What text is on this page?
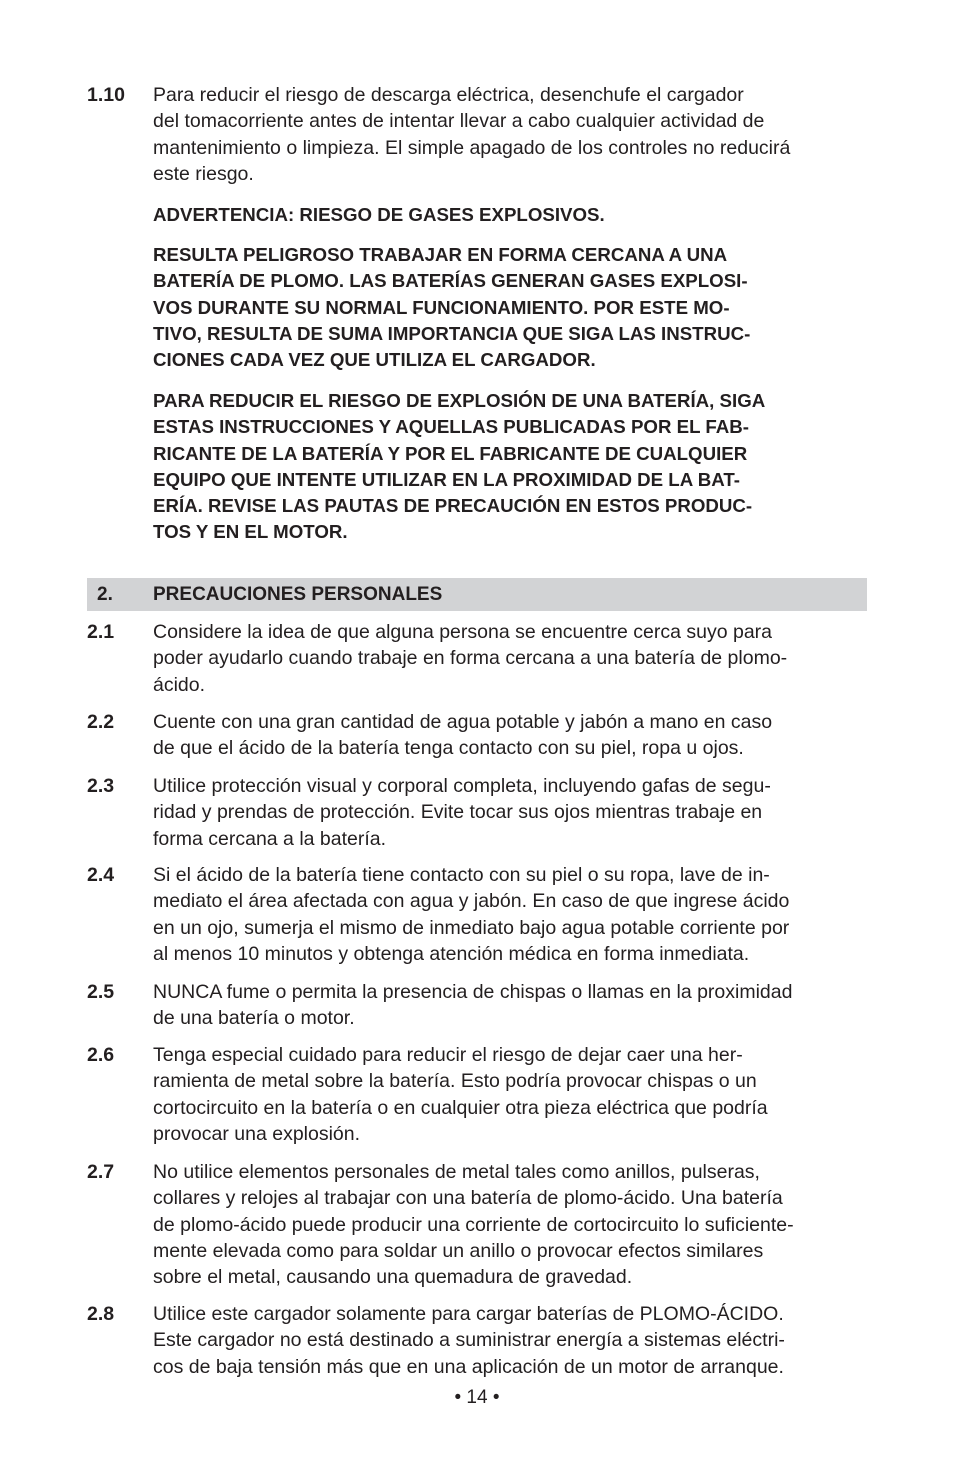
1.10 Para reducir el riesgo de descarga eléctrica, desenchufe el cargador
del tomacorriente antes de intentar llevar a cabo cualquier actividad de
mantenimiento o limpieza. El simple apagado de los controles no reducirá
este riesgo.
ADVERTENCIA: RIESGO DE GASES EXPLOSIVOS.
RESULTA PELIGROSO TRABAJAR EN FORMA CERCANA A UNA
BATERÍA DE PLOMO. LAS BATERÍAS GENERAN GASES EXPLOSI-
VOS DURANTE SU NORMAL FUNCIONAMIENTO. POR ESTE MO-
TIVO, RESULTA DE SUMA IMPORTANCIA QUE SIGA LAS INSTRUC-
CIONES CADA VEZ QUE UTILIZA EL CARGADOR.
PARA REDUCIR EL RIESGO DE EXPLOSIÓN DE UNA BATERÍA, SIGA
ESTAS INSTRUCCIONES Y AQUELLAS PUBLICADAS POR EL FAB-
RICANTE DE LA BATERÍA Y POR EL FABRICANTE DE CUALQUIER
EQUIPO QUE INTENTE UTILIZAR EN LA PROXIMIDAD DE LA BAT-
ERÍA. REVISE LAS PAUTAS DE PRECAUCIÓN EN ESTOS PRODUC-
TOS Y EN EL MOTOR.
2. PRECAUCIONES PERSONALES
2.1 Considere la idea de que alguna persona se encuentre cerca suyo para
poder ayudarlo cuando trabaje en forma cercana a una batería de plomo-
ácido.
2.2 Cuente con una gran cantidad de agua potable y jabón a mano en caso
de que el ácido de la batería tenga contacto con su piel, ropa u ojos.
2.3 Utilice protección visual y corporal completa, incluyendo gafas de segu-
ridad y prendas de protección. Evite tocar sus ojos mientras trabaje en
forma cercana a la batería.
2.4 Si el ácido de la batería tiene contacto con su piel o su ropa, lave de in-
mediato el área afectada con agua y jabón. En caso de que ingrese ácido
en un ojo, sumerja el mismo de inmediato bajo agua potable corriente por
al menos 10 minutos y obtenga atención médica en forma inmediata.
2.5 NUNCA fume o permita la presencia de chispas o llamas en la proximidad
de una batería o motor.
2.6 Tenga especial cuidado para reducir el riesgo de dejar caer una her-
ramienta de metal sobre la batería. Esto podría provocar chispas o un
cortocircuito en la batería o en cualquier otra pieza eléctrica que podría
provocar una explosión.
2.7 No utilice elementos personales de metal tales como anillos, pulseras,
collares y relojes al trabajar con una batería de plomo-ácido. Una batería
de plomo-ácido puede producir una corriente de cortocircuito lo suficiente-
mente elevada como para soldar un anillo o provocar efectos similares
sobre el metal, causando una quemadura de gravedad.
2.8 Utilice este cargador solamente para cargar baterías de PLOMO-ÁCIDO.
Este cargador no está destinado a suministrar energía a sistemas eléctri-
cos de baja tensión más que en una aplicación de un motor de arranque.
• 14 •
